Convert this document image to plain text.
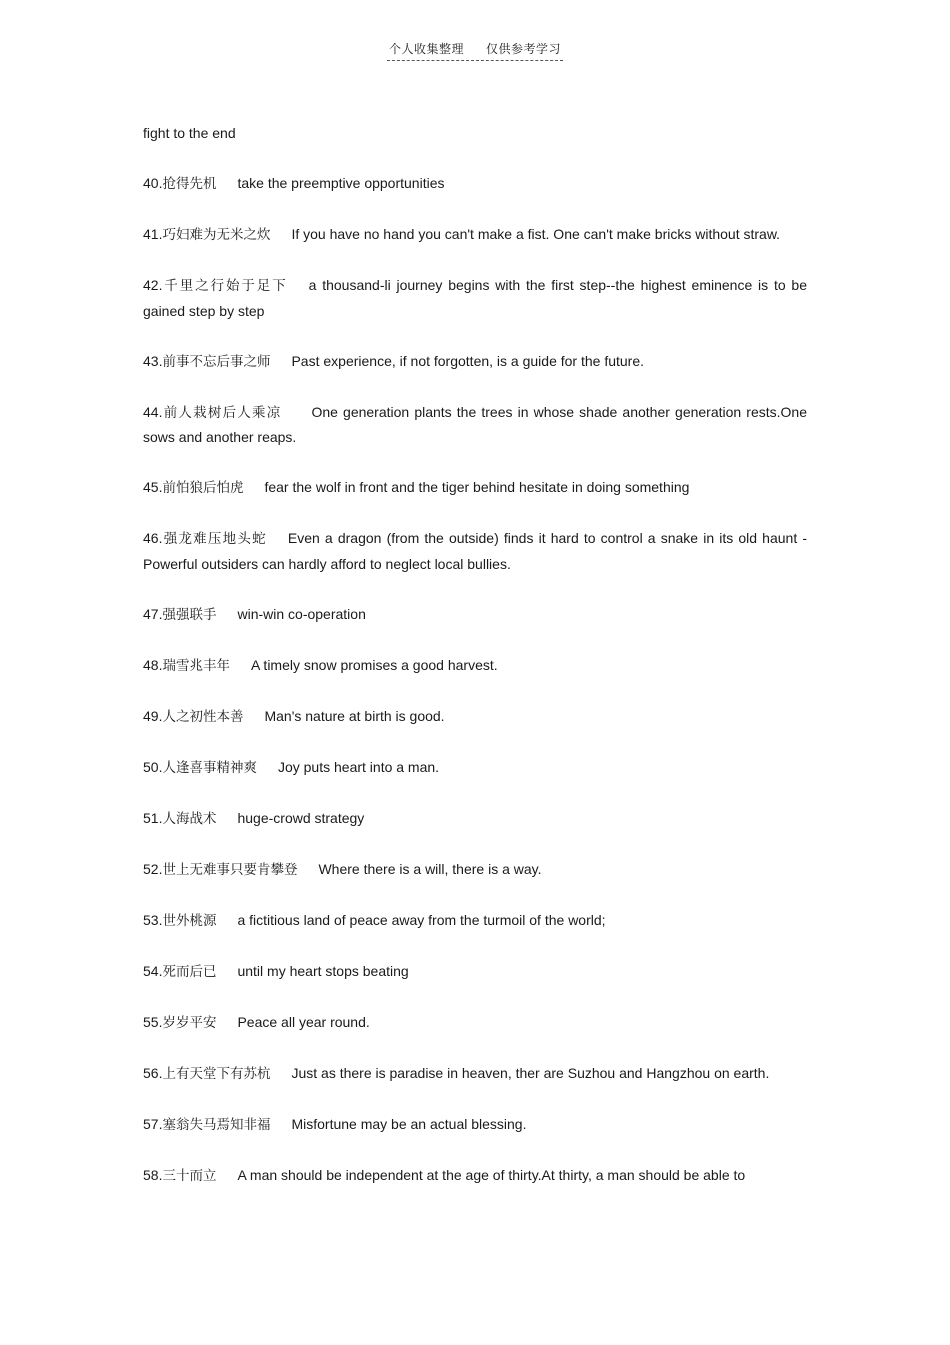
个人收集整理 仅供参考学习

fight to the end

40.抢得先机 take the preemptive opportunities

41.巧妇难为无米之炊 If you have no hand you can't make a fist. One can't make bricks without straw.

42.千里之行始于足下 a thousand-li journey begins with the first step--the highest eminence is to be gained step by step

43.前事不忘后事之师 Past experience, if not forgotten, is a guide for the future.

44.前人栽树后人乘凉 One generation plants the trees in whose shade another generation rests.One sows and another reaps.

45.前怕狼后怕虎 fear the wolf in front and the tiger behind hesitate in doing something

46.强龙难压地头蛇 Even a dragon (from the outside) finds it hard to control a snake in its old haunt - Powerful outsiders can hardly afford to neglect local bullies.

47.强强联手 win-win co-operation

48.瑞雪兆丰年 A timely snow promises a good harvest.

49.人之初性本善 Man's nature at birth is good.

50.人逢喜事精神爽 Joy puts heart into a man.

51.人海战术 huge-crowd strategy

52.世上无难事只要肯攀登 Where there is a will, there is a way.

53.世外桃源 a fictitious land of peace away from the turmoil of the world;

54.死而后已 until my heart stops beating

55.岁岁平安 Peace all year round.

56.上有天堂下有苏杭 Just as there is paradise in heaven, ther are Suzhou and Hangzhou on earth.

57.塞翁失马焉知非福 Misfortune may be an actual blessing.

58.三十而立 A man should be independent at the age of thirty.At thirty, a man should be able to
